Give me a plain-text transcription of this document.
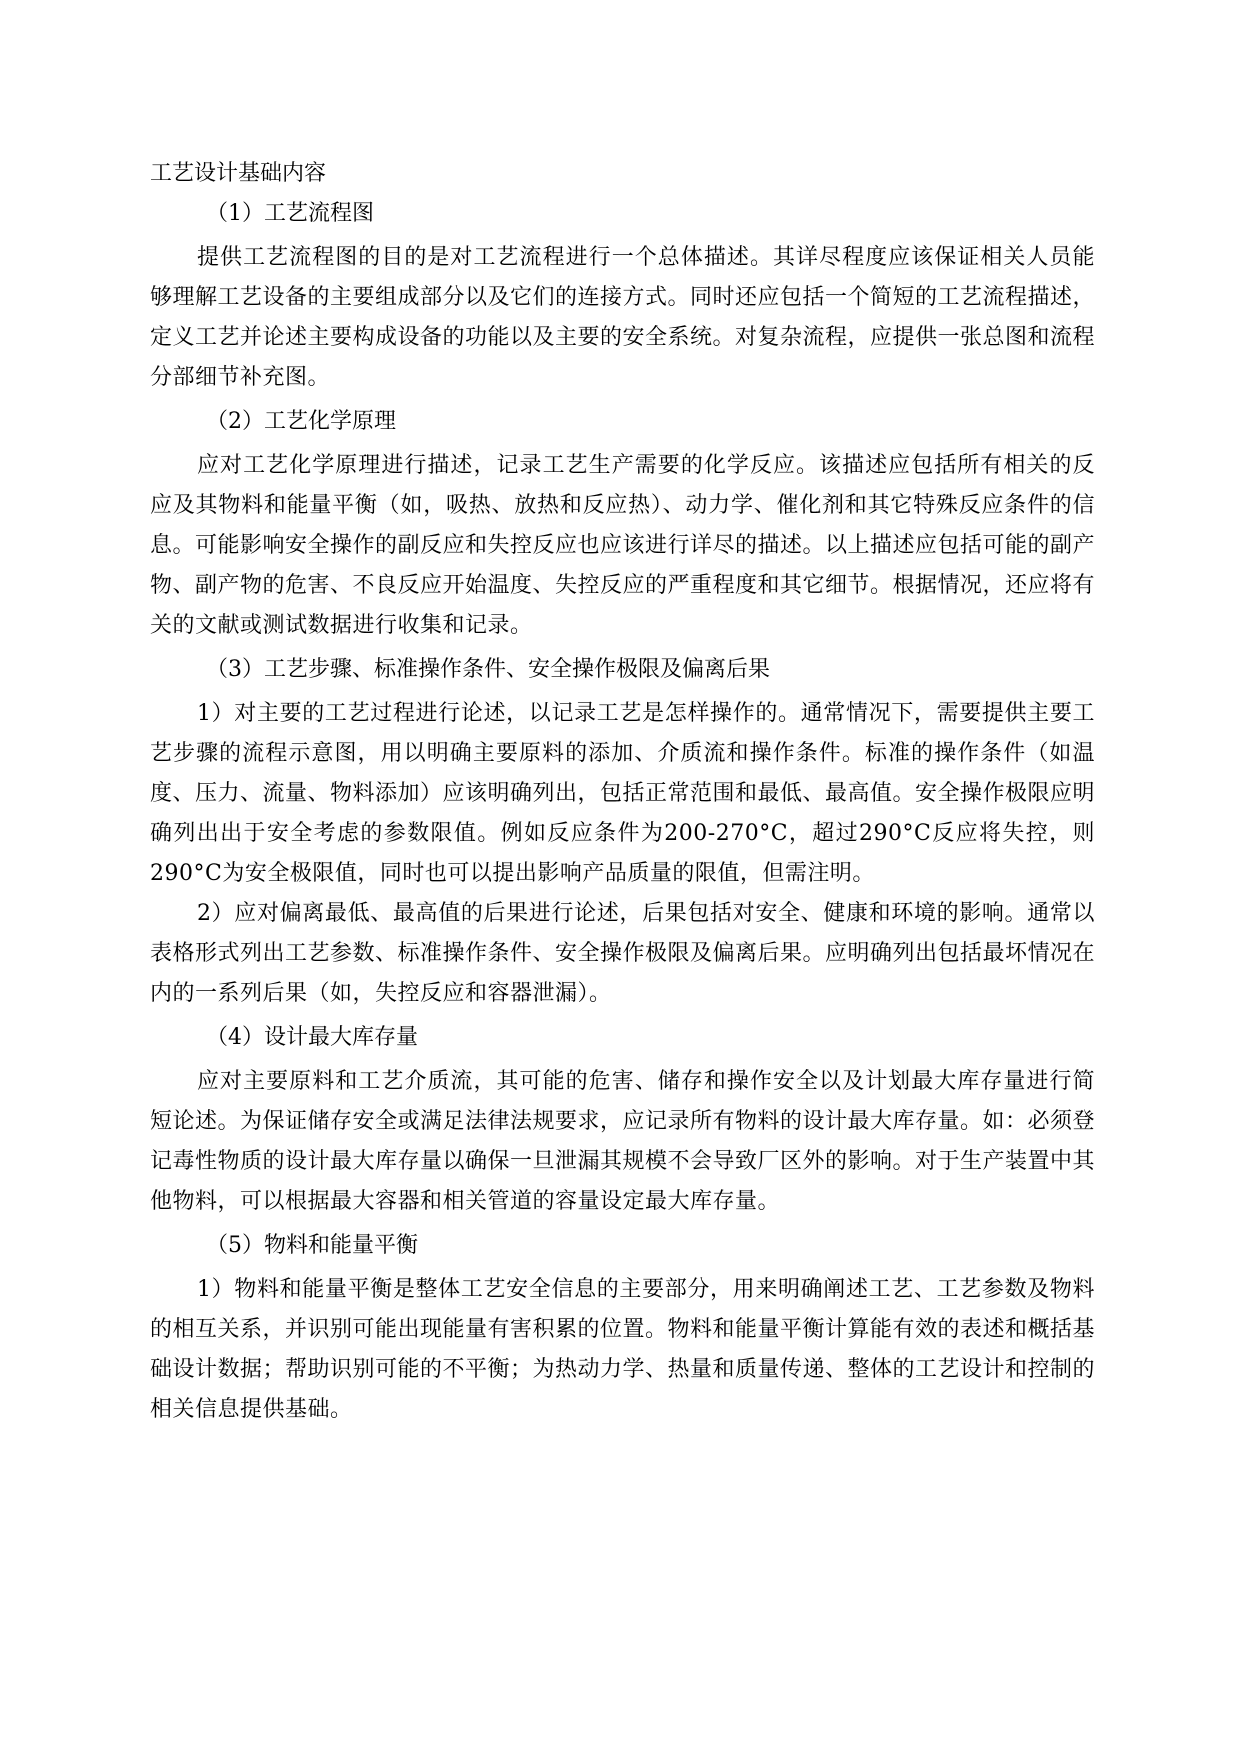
工艺设计基础内容

（1）工艺流程图

提供工艺流程图的目的是对工艺流程进行一个总体描述。其详尽程度应该保证相关人员能够理解工艺设备的主要组成部分以及它们的连接方式。同时还应包括一个简短的工艺流程描述，定义工艺并论述主要构成设备的功能以及主要的安全系统。对复杂流程，应提供一张总图和流程分部细节补充图。

（2）工艺化学原理

应对工艺化学原理进行描述，记录工艺生产需要的化学反应。该描述应包括所有相关的反应及其物料和能量平衡（如，吸热、放热和反应热）、动力学、催化剂和其它特殊反应条件的信息。可能影响安全操作的副反应和失控反应也应该进行详尽的描述。以上描述应包括可能的副产物、副产物的危害、不良反应开始温度、失控反应的严重程度和其它细节。根据情况，还应将有关的文献或测试数据进行收集和记录。

（3）工艺步骤、标准操作条件、安全操作极限及偏离后果

1）对主要的工艺过程进行论述，以记录工艺是怎样操作的。通常情况下，需要提供主要工艺步骤的流程示意图，用以明确主要原料的添加、介质流和操作条件。标准的操作条件（如温度、压力、流量、物料添加）应该明确列出，包括正常范围和最低、最高值。安全操作极限应明确列出出于安全考虑的参数限值。例如反应条件为200-270°C，超过290°C反应将失控，则290°C为安全极限值，同时也可以提出影响产品质量的限值，但需注明。

2）应对偏离最低、最高值的后果进行论述，后果包括对安全、健康和环境的影响。通常以表格形式列出工艺参数、标准操作条件、安全操作极限及偏离后果。应明确列出包括最坏情况在内的一系列后果（如，失控反应和容器泄漏）。

（4）设计最大库存量

应对主要原料和工艺介质流，其可能的危害、储存和操作安全以及计划最大库存量进行简短论述。为保证储存安全或满足法律法规要求，应记录所有物料的设计最大库存量。如：必须登记毒性物质的设计最大库存量以确保一旦泄漏其规模不会导致厂区外的影响。对于生产装置中其他物料，可以根据最大容器和相关管道的容量设定最大库存量。

（5）物料和能量平衡

1）物料和能量平衡是整体工艺安全信息的主要部分，用来明确阐述工艺、工艺参数及物料的相互关系，并识别可能出现能量有害积累的位置。物料和能量平衡计算能有效的表述和概括基础设计数据；帮助识别可能的不平衡；为热动力学、热量和质量传递、整体的工艺设计和控制的相关信息提供基础。
